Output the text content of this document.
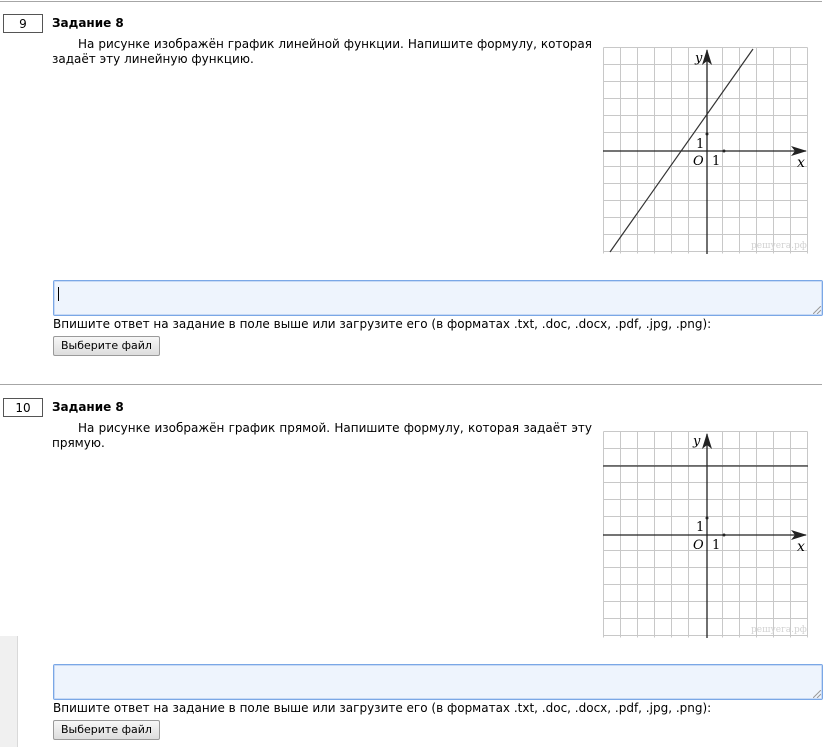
9	Задание 8
На рисунке изображён график линейной функции. Напишите формулу, которая задаёт эту линейную функцию.	y
x
O
1
1
решуега.рф
Впишите ответ на задание в поле выше или загрузите его (в форматах .txt, .doc, .docx, .pdf, .jpg, .png):
Выберите файл
10	Задание 8
На рисунке изображён график прямой. Напишите формулу, которая задаёт эту прямую.	y
x
O
1
1
решуега.рф
Впишите ответ на задание в поле выше или загрузите его (в форматах .txt, .doc, .docx, .pdf, .jpg, .png):
Выберите файл
